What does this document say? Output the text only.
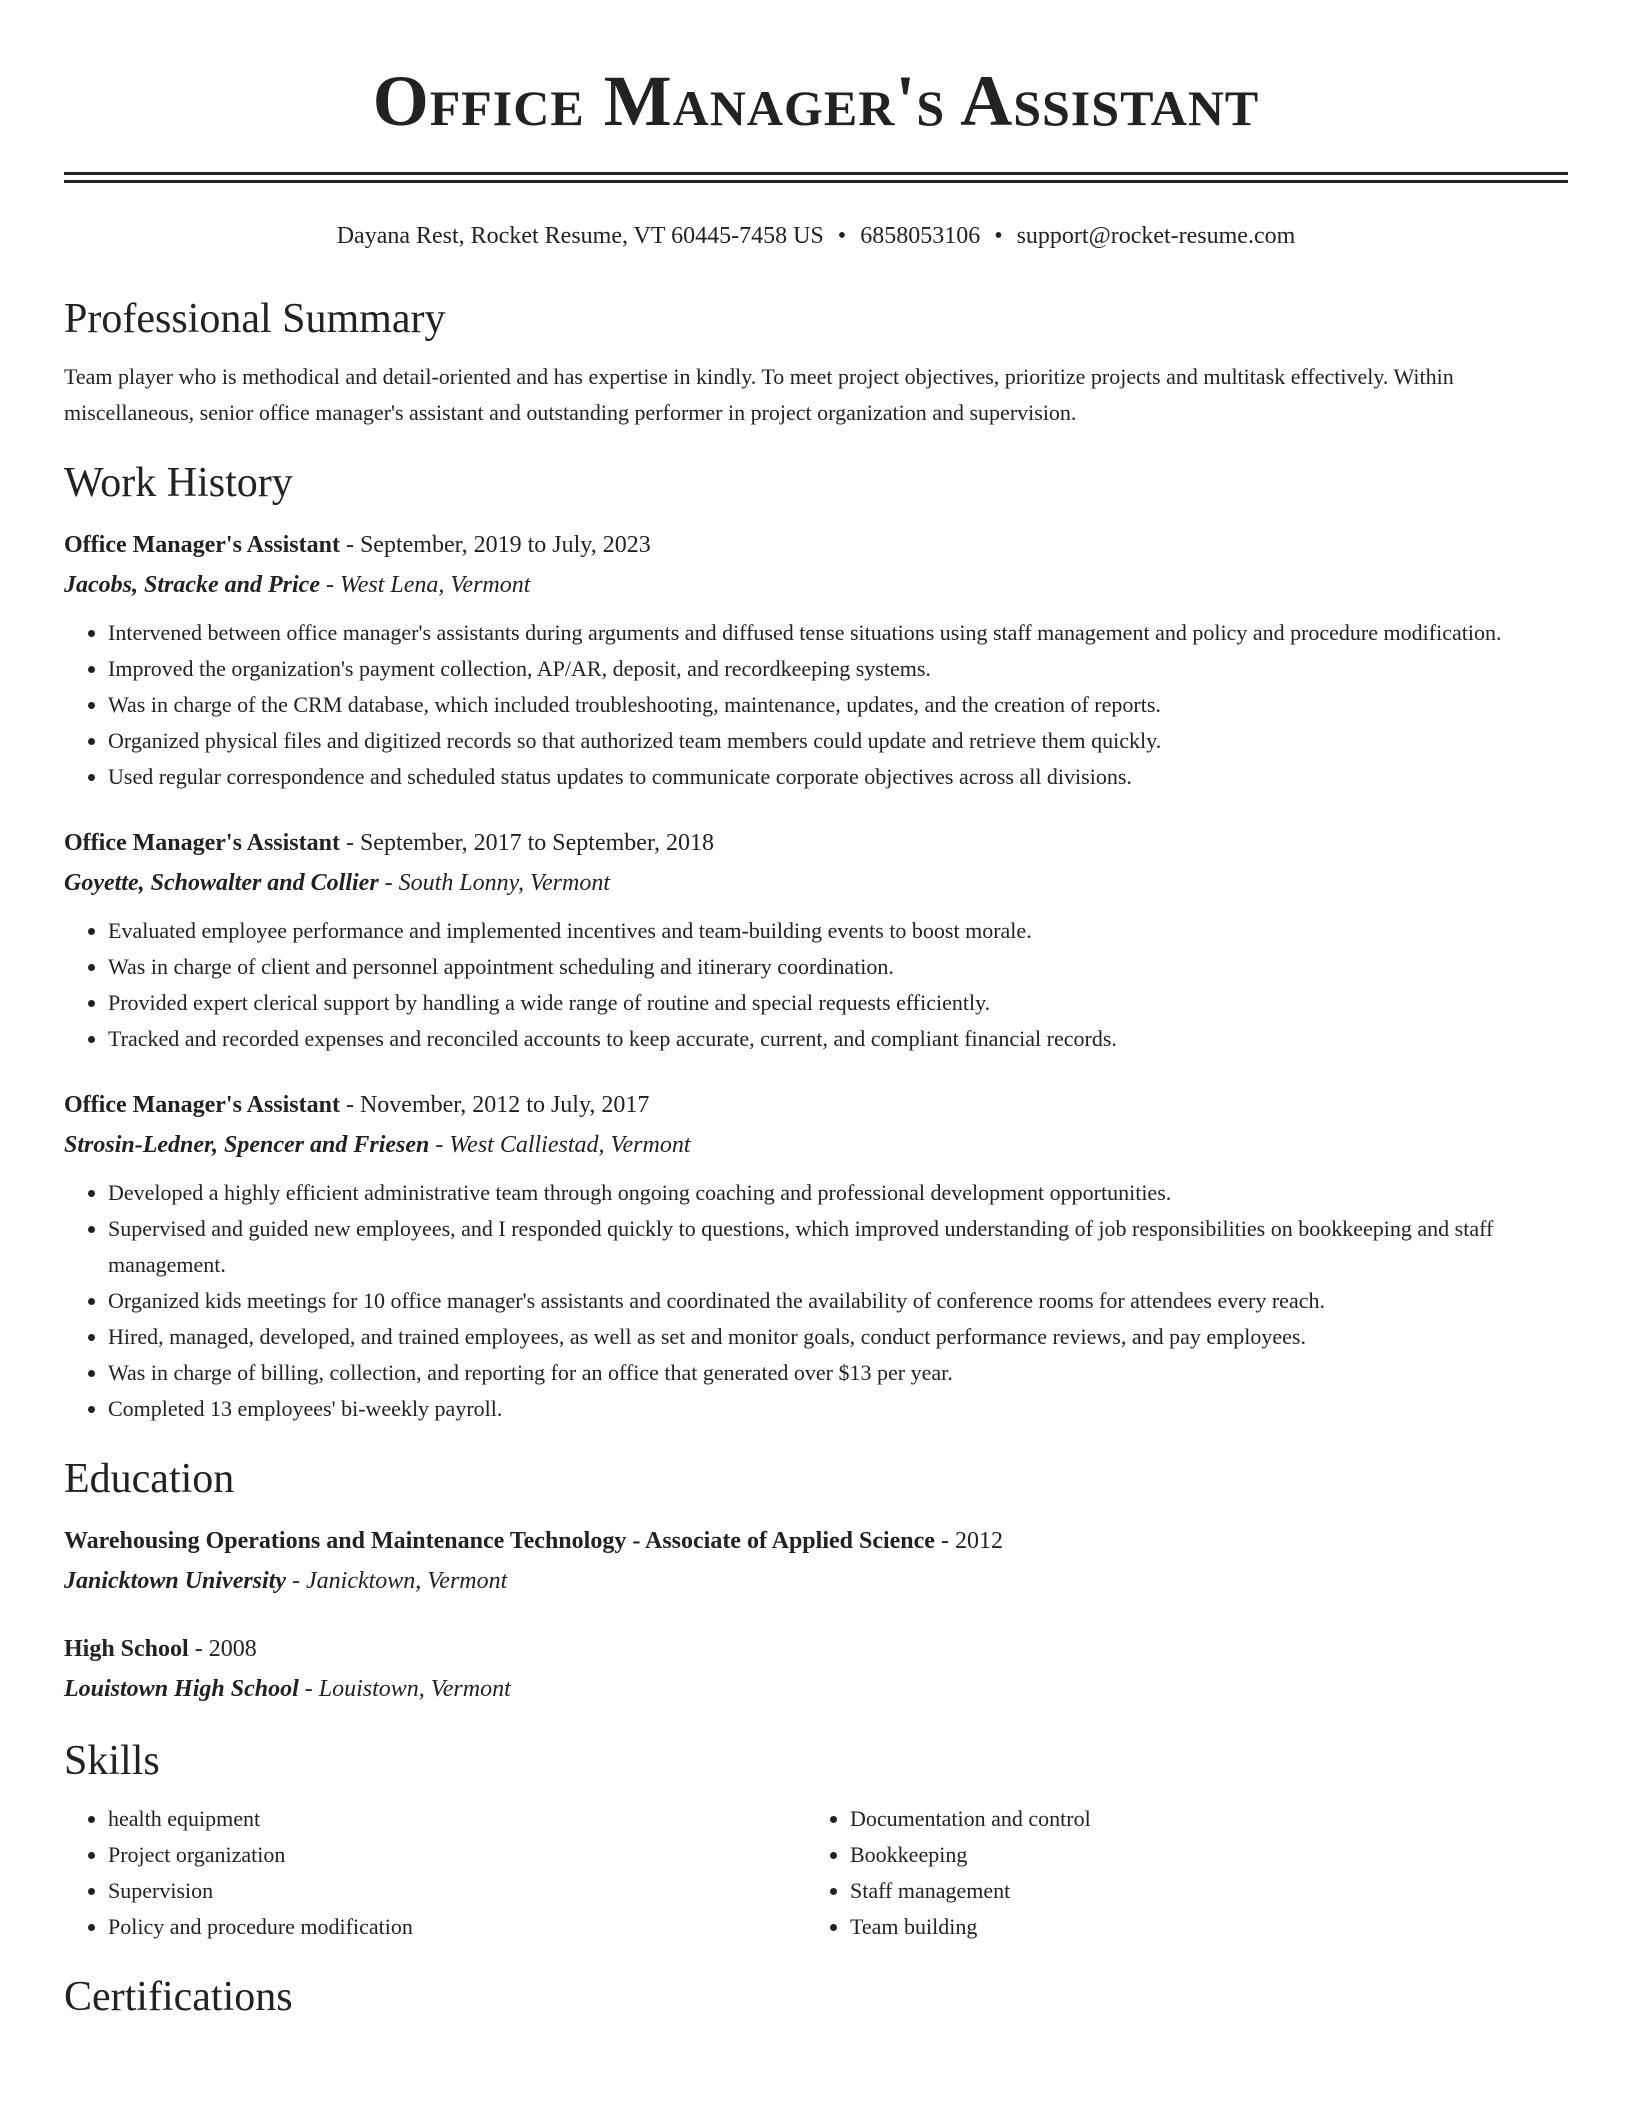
Office Manager's Assistant
Dayana Rest, Rocket Resume, VT 60445-7458 US • 6858053106 • support@rocket-resume.com
Professional Summary

Team player who is methodical and detail-oriented and has expertise in kindly. To meet project objectives, prioritize projects and multitask effectively. Within miscellaneous, senior office manager's assistant and outstanding performer in project organization and supervision.

Work History
Office Manager's Assistant - September, 2019 to July, 2023
Jacobs, Stracke and Price - West Lena, Vermont
• Intervened between office manager's assistants during arguments and diffused tense situations using staff management and policy and procedure modification.
• Improved the organization's payment collection, AP/AR, deposit, and recordkeeping systems.
• Was in charge of the CRM database, which included troubleshooting, maintenance, updates, and the creation of reports.
• Organized physical files and digitized records so that authorized team members could update and retrieve them quickly.
• Used regular correspondence and scheduled status updates to communicate corporate objectives across all divisions.
Office Manager's Assistant - September, 2017 to September, 2018
Goyette, Schowalter and Collier - South Lonny, Vermont
• Evaluated employee performance and implemented incentives and team-building events to boost morale.
• Was in charge of client and personnel appointment scheduling and itinerary coordination.
• Provided expert clerical support by handling a wide range of routine and special requests efficiently.
• Tracked and recorded expenses and reconciled accounts to keep accurate, current, and compliant financial records.
Office Manager's Assistant - November, 2012 to July, 2017
Strosin-Ledner, Spencer and Friesen - West Calliestad, Vermont
• Developed a highly efficient administrative team through ongoing coaching and professional development opportunities.
• Supervised and guided new employees, and I responded quickly to questions, which improved understanding of job responsibilities on bookkeeping and staff management.
• Organized kids meetings for 10 office manager's assistants and coordinated the availability of conference rooms for attendees every reach.
• Hired, managed, developed, and trained employees, as well as set and monitor goals, conduct performance reviews, and pay employees.
• Was in charge of billing, collection, and reporting for an office that generated over $13 per year.
• Completed 13 employees' bi-weekly payroll.
Education
Warehousing Operations and Maintenance Technology - Associate of Applied Science - 2012
Janicktown University - Janicktown, Vermont
High School - 2008
Louistown High School - Louistown, Vermont
Skills
• health equipment
• Project organization
• Supervision
• Policy and procedure modification
• Documentation and control
• Bookkeeping
• Staff management
• Team building
Certifications
